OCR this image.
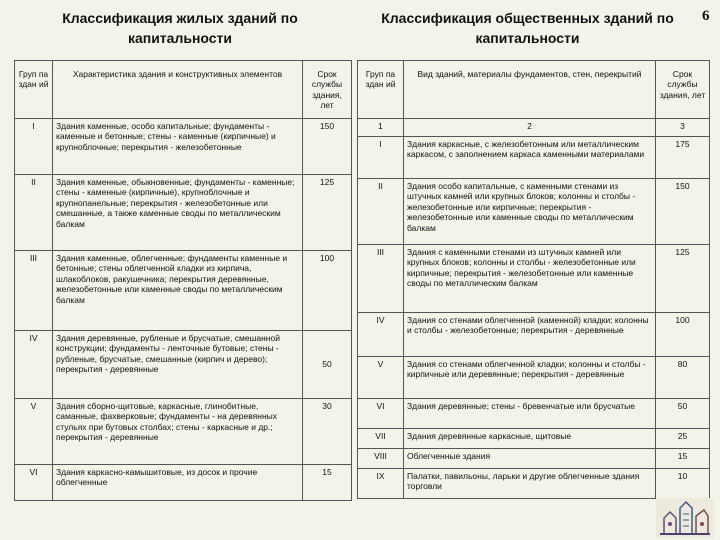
Классификация жилых зданий по капитальности
Классификация общественных зданий по капитальности
6
Груп па здан ий	Характеристика здания и конструктивных элементов	Срок службы здания, лет
I	Здания каменные, особо капитальные; фундаменты - каменные и бетонные; стены - каменные (кирпичные) и крупноблочные; перекрытия - железобетонные	150
II	Здания каменные, обыкновенные; фундаменты - каменные; стены - каменные (кирпичные), крупноблочные и крупнопанельные; перекрытия - железобетонные или смешанные, а также каменные своды по металлическим балкам	125
III	Здания каменные, облегченные; фундаменты каменные и бетонные; стены облегченной кладки из кирпича, шлакоблоков, ракушечника; перекрытия деревянные, железобетонные или каменные своды по металлическим балкам	100
IV	Здания деревянные, рубленые и брусчатые, смешанной конструкции; фундаменты - ленточные бутовые; стены - рубленые, брусчатые, смешанные (кирпич и дерево); перекрытия - деревянные	50
V	Здания сборно-щитовые, каркасные, глинобитные, саманные, фахверковые; фундаменты - на деревянных стульях при бутовых столбах; стены - каркасные и др.; перекрытия - деревянные	30
VI	Здания каркасно-камышитовые, из досок и прочие облегченные	15
Груп па здан ий	Вид зданий, материалы фундаментов, стен, перекрытий	Срок службы здания, лет
1	2	3
I	Здания каркасные, с железобетонным или металлическим каркасом, с заполнением каркаса каменными материалами	175
II	Здания особо капитальные, с каменными стенами из штучных камней или крупных блоков; колонны и столбы - железобетонные или кирпичные; перекрытия - железобетонные или каменные своды по металлическим балкам	150
III	Здания с каменными стенами из штучных камней или крупных блоков; колонны и столбы - железобетонные или кирпичные; перекрытия - железобетонные или каменные своды по металлическим балкам	125
IV	Здания со стенами облегченной (каменной) кладки; колонны и столбы - железобетонные; перекрытия - деревянные	100
V	Здания со стенами облегченной кладки; колонны и столбы - кирпичные или деревянные; перекрытия - деревянные	80
VI	Здания деревянные; стены - бревенчатые или брусчатые	50
VII	Здания деревянные каркасные, щитовые	25
VIII	Облегченные здания	15
IX	Палатки, павильоны, ларьки и другие облегченные здания торговли	10
